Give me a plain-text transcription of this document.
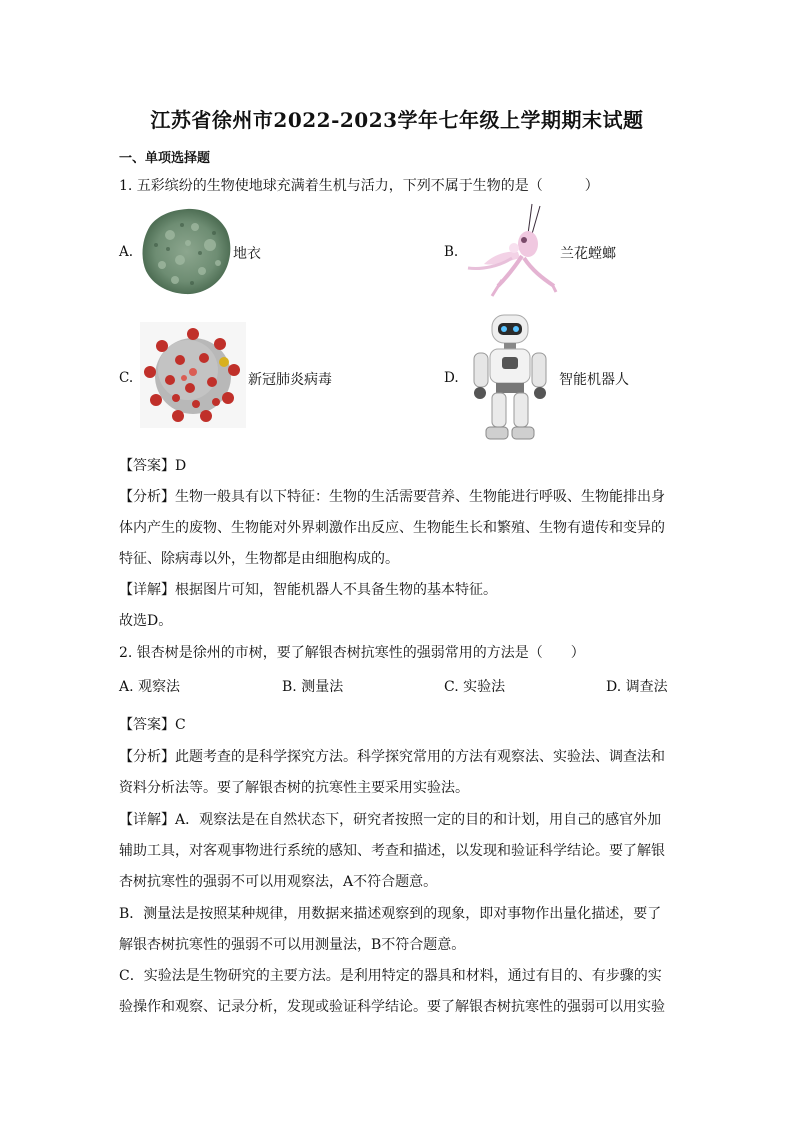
江苏省徐州市2022-2023学年七年级上学期期末试题
一、单项选择题
1. 五彩缤纷的生物使地球充满着生机与活力，下列不属于生物的是（　　　）
A.	地衣	B.	兰花螳螂
C.	新冠肺炎病毒	D.	智能机器人
【答案】D
【分析】生物一般具有以下特征：生物的生活需要营养、生物能进行呼吸、生物能排出身
体内产生的废物、生物能对外界刺激作出反应、生物能生长和繁殖、生物有遗传和变异的
特征、除病毒以外，生物都是由细胞构成的。
【详解】根据图片可知，智能机器人不具备生物的基本特征。
故选D。
2. 银杏树是徐州的市树，要了解银杏树抗寒性的强弱常用的方法是（　　）
A. 观察法	B. 测量法	C. 实验法	D. 调查法
【答案】C
【分析】此题考查的是科学探究方法。科学探究常用的方法有观察法、实验法、调查法和
资料分析法等。要了解银杏树的抗寒性主要采用实验法。
【详解】A．观察法是在自然状态下，研究者按照一定的目的和计划，用自己的感官外加
辅助工具，对客观事物进行系统的感知、考查和描述，以发现和验证科学结论。要了解银
杏树抗寒性的强弱不可以用观察法，A不符合题意。
B．测量法是按照某种规律，用数据来描述观察到的现象，即对事物作出量化描述，要了
解银杏树抗寒性的强弱不可以用测量法，B不符合题意。
C．实验法是生物研究的主要方法。是利用特定的器具和材料，通过有目的、有步骤的实
验操作和观察、记录分析，发现或验证科学结论。要了解银杏树抗寒性的强弱可以用实验
